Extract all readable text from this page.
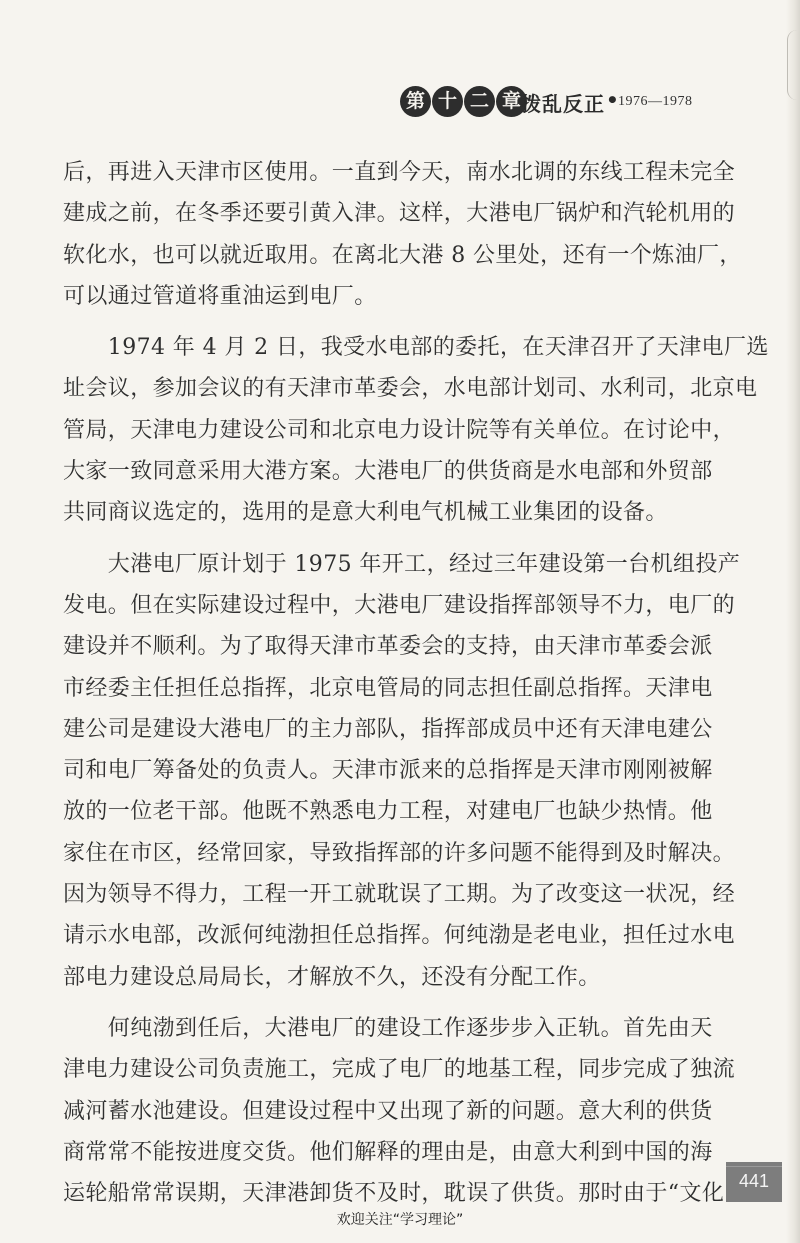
第 十 二 章 拨乱反正 • 1976—1978
后，再进入天津市区使用。一直到今天，南水北调的东线工程未完全
建成之前，在冬季还要引黄入津。这样，大港电厂锅炉和汽轮机用的
软化水，也可以就近取用。在离北大港 8 公里处，还有一个炼油厂，
可以通过管道将重油运到电厂。
　　1974 年 4 月 2 日，我受水电部的委托，在天津召开了天津电厂选
址会议，参加会议的有天津市革委会，水电部计划司、水利司，北京电
管局，天津电力建设公司和北京电力设计院等有关单位。在讨论中，
大家一致同意采用大港方案。大港电厂的供货商是水电部和外贸部
共同商议选定的，选用的是意大利电气机械工业集团的设备。
　　大港电厂原计划于 1975 年开工，经过三年建设第一台机组投产
发电。但在实际建设过程中，大港电厂建设指挥部领导不力，电厂的
建设并不顺利。为了取得天津市革委会的支持，由天津市革委会派
市经委主任担任总指挥，北京电管局的同志担任副总指挥。天津电
建公司是建设大港电厂的主力部队，指挥部成员中还有天津电建公
司和电厂筹备处的负责人。天津市派来的总指挥是天津市刚刚被解
放的一位老干部。他既不熟悉电力工程，对建电厂也缺少热情。他
家住在市区，经常回家，导致指挥部的许多问题不能得到及时解决。
因为领导不得力，工程一开工就耽误了工期。为了改变这一状况，经
请示水电部，改派何纯渤担任总指挥。何纯渤是老电业，担任过水电
部电力建设总局局长，才解放不久，还没有分配工作。
　　何纯渤到任后，大港电厂的建设工作逐步步入正轨。首先由天
津电力建设公司负责施工，完成了电厂的地基工程，同步完成了独流
减河蓄水池建设。但建设过程中又出现了新的问题。意大利的供货
商常常不能按进度交货。他们解释的理由是，由意大利到中国的海
运轮船常常误期，天津港卸货不及时，耽误了供货。那时由于“文化
441
欢迎关注“学习理论”
